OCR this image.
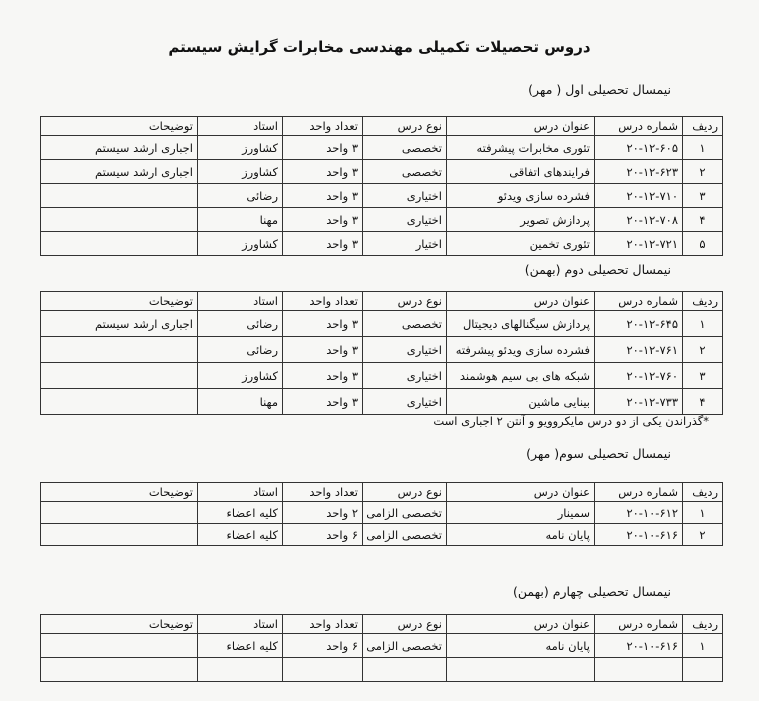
دروس تحصیلات تکمیلی مهندسی مخابرات گرایش سیستم
نیمسال تحصیلی اول ( مهر)
ردیف	شماره درس	عنوان درس	نوع درس	تعداد واحد	استاد	توضیحات
۱	۲۰-۱۲-۶۰۵	تئوری مخابرات پیشرفته	تخصصی	۳ واحد	کشاورز	اجباری ارشد سیستم
۲	۲۰-۱۲-۶۲۳	فرایندهای اتفاقی	تخصصی	۳ واحد	کشاورز	اجباری ارشد سیستم
۳	۲۰-۱۲-۷۱۰	فشرده سازی ویدئو	اختیاری	۳ واحد	رضائی	
۴	۲۰-۱۲-۷۰۸	پردازش تصویر	اختیاری	۳ واحد	مهنا	
۵	۲۰-۱۲-۷۲۱	تئوری تخمین	اختیار	۳ واحد	کشاورز	
نیمسال تحصیلی دوم (بهمن)
ردیف	شماره درس	عنوان درس	نوع درس	تعداد واحد	استاد	توضیحات
۱	۲۰-۱۲-۶۴۵	پردازش سیگنالهای دیجیتال	تخصصی	۳ واحد	رضائی	اجباری ارشد سیستم
۲	۲۰-۱۲-۷۶۱	فشرده سازی ویدئو پیشرفته	اختیاری	۳ واحد	رضائی	
۳	۲۰-۱۲-۷۶۰	شبکه های بی سیم هوشمند	اختیاری	۳ واحد	کشاورز	
۴	۲۰-۱۲-۷۳۳	بینایی ماشین	اختیاری	۳ واحد	مهنا	
*گذراندن یکی از دو درس مایکروویو و آنتن ۲ اجباری است
نیمسال تحصیلی سوم( مهر)
ردیف	شماره درس	عنوان درس	نوع درس	تعداد واحد	استاد	توضیحات
۱	۲۰-۱۰-۶۱۲	سمینار	تخصصی الزامی	۲ واحد	کلیه اعضاء	
۲	۲۰-۱۰-۶۱۶	پایان نامه	تخصصی الزامی	۶ واحد	کلیه اعضاء	
نیمسال تحصیلی چهارم (بهمن)
ردیف	شماره درس	عنوان درس	نوع درس	تعداد واحد	استاد	توضیحات
۱	۲۰-۱۰-۶۱۶	پایان نامه	تخصصی الزامی	۶ واحد	کلیه اعضاء	
